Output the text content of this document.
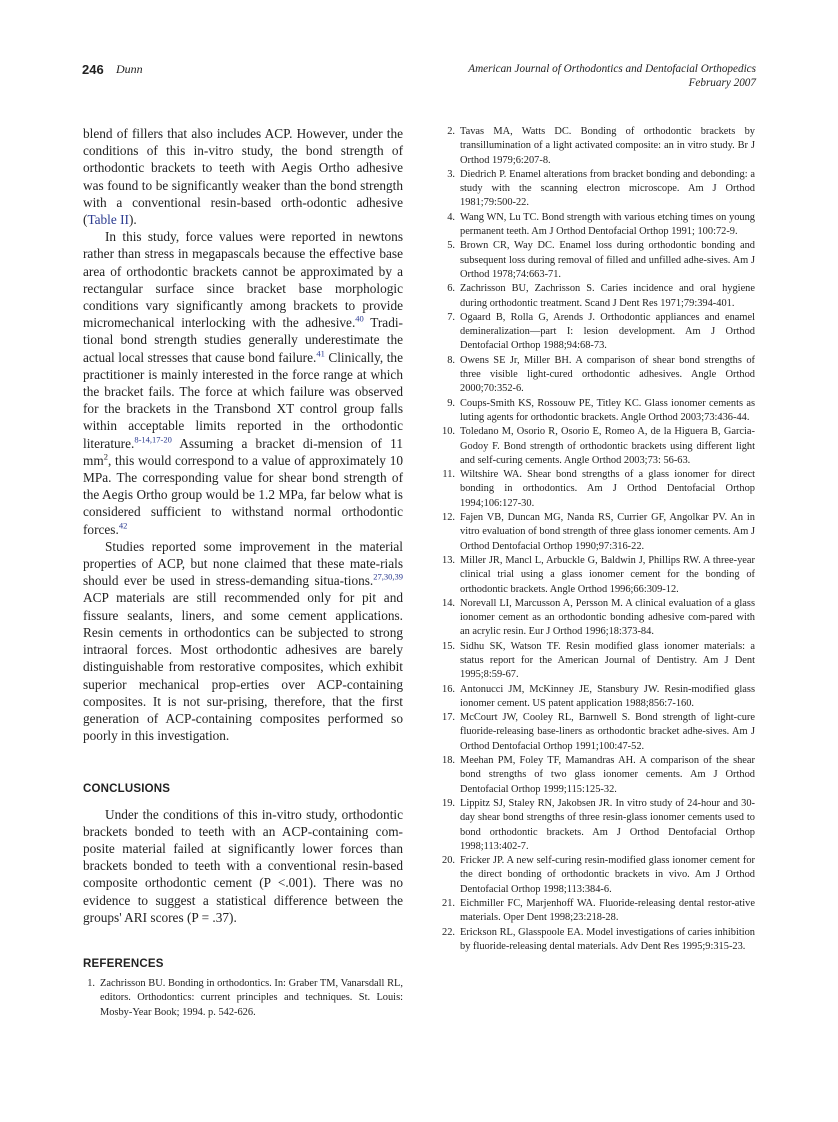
246 Dunn	American Journal of Orthodontics and Dentofacial Orthopedics
February 2007

blend of fillers that also includes ACP. However, under the conditions of this in-vitro study, the bond strength of orthodontic brackets to teeth with Aegis Ortho adhesive was found to be significantly weaker than the bond strength with a conventional resin-based orth-odontic adhesive (Table II).

In this study, force values were reported in newtons rather than stress in megapascals because the effective base area of orthodontic brackets cannot be approximated by a rectangular surface since bracket base morphologic conditions vary significantly among brackets to provide micromechanical interlocking with the adhesive.$^{40}$ Tradi-tional bond strength studies generally underestimate the actual local stresses that cause bond failure.$^{41}$ Clinically, the practitioner is mainly interested in the force range at which the bracket fails. The force at which failure was observed for the brackets in the Transbond XT control group falls within acceptable limits reported in the orthodontic literature.$^{8-14,17-20}$ Assuming a bracket di-mension of 11 $mm^2$, this would correspond to a value of approximately 10 MPa. The corresponding value for shear bond strength of the Aegis Ortho group would be 1.2 MPa, far below what is considered sufficient to withstand normal orthodontic forces.$^{42}$

Studies reported some improvement in the material properties of ACP, but none claimed that these mate-rials should ever be used in stress-demanding situa-tions.$^{27,30,39}$ ACP materials are still recommended only for pit and fissure sealants, liners, and some cement applications. Resin cements in orthodontics can be subjected to strong intraoral forces. Most orthodontic adhesives are barely distinguishable from restorative composites, which exhibit superior mechanical prop-erties over ACP-containing composites. It is not sur-prising, therefore, that the first generation of ACP-containing composites performed so poorly in this investigation.

CONCLUSIONS

Under the conditions of this in-vitro study, orthodontic brackets bonded to teeth with an ACP-containing com-posite material failed at significantly lower forces than brackets bonded to teeth with a conventional resin-based composite orthodontic cement (P <.001). There was no evidence to suggest a statistical difference between the groups' ARI scores (P = .37).

REFERENCES
1. Zachrisson BU. Bonding in orthodontics. In: Graber TM, Vanarsdall RL, editors. Orthodontics: current principles and techniques. St. Louis: Mosby-Year Book; 1994. p. 542-626.
2. Tavas MA, Watts DC. Bonding of orthodontic brackets by transillumination of a light activated composite: an in vitro study. Br J Orthod 1979;6:207-8.
3. Diedrich P. Enamel alterations from bracket bonding and debonding: a study with the scanning electron microscope. Am J Orthod 1981;79:500-22.
4. Wang WN, Lu TC. Bond strength with various etching times on young permanent teeth. Am J Orthod Dentofacial Orthop 1991; 100:72-9.
5. Brown CR, Way DC. Enamel loss during orthodontic bonding and subsequent loss during removal of filled and unfilled adhe-sives. Am J Orthod 1978;74:663-71.
6. Zachrisson BU, Zachrisson S. Caries incidence and oral hygiene during orthodontic treatment. Scand J Dent Res 1971;79:394-401.
7. Ogaard B, Rolla G, Arends J. Orthodontic appliances and enamel demineralization—part I: lesion development. Am J Orthod Dentofacial Orthop 1988;94:68-73.
8. Owens SE Jr, Miller BH. A comparison of shear bond strengths of three visible light-cured orthodontic adhesives. Angle Orthod 2000;70:352-6.
9. Coups-Smith KS, Rossouw PE, Titley KC. Glass ionomer cements as luting agents for orthodontic brackets. Angle Orthod 2003;73:436-44.
10. Toledano M, Osorio R, Osorio E, Romeo A, de la Higuera B, Garcia-Godoy F. Bond strength of orthodontic brackets using different light and self-curing cements. Angle Orthod 2003;73: 56-63.
11. Wiltshire WA. Shear bond strengths of a glass ionomer for direct bonding in orthodontics. Am J Orthod Dentofacial Orthop 1994;106:127-30.
12. Fajen VB, Duncan MG, Nanda RS, Currier GF, Angolkar PV. An in vitro evaluation of bond strength of three glass ionomer cements. Am J Orthod Dentofacial Orthop 1990;97:316-22.
13. Miller JR, Mancl L, Arbuckle G, Baldwin J, Phillips RW. A three-year clinical trial using a glass ionomer cement for the bonding of orthodontic brackets. Angle Orthod 1996;66:309-12.
14. Norevall LI, Marcusson A, Persson M. A clinical evaluation of a glass ionomer cement as an orthodontic bonding adhesive com-pared with an acrylic resin. Eur J Orthod 1996;18:373-84.
15. Sidhu SK, Watson TF. Resin modified glass ionomer materials: a status report for the American Journal of Dentistry. Am J Dent 1995;8:59-67.
16. Antonucci JM, McKinney JE, Stansbury JW. Resin-modified glass ionomer cement. US patent application 1988;856:7-160.
17. McCourt JW, Cooley RL, Barnwell S. Bond strength of light-cure fluoride-releasing base-liners as orthodontic bracket adhe-sives. Am J Orthod Dentofacial Orthop 1991;100:47-52.
18. Meehan PM, Foley TF, Mamandras AH. A comparison of the shear bond strengths of two glass ionomer cements. Am J Orthod Dentofacial Orthop 1999;115:125-32.
19. Lippitz SJ, Staley RN, Jakobsen JR. In vitro study of 24-hour and 30-day shear bond strengths of three resin-glass ionomer cements used to bond orthodontic brackets. Am J Orthod Dentofacial Orthop 1998;113:402-7.
20. Fricker JP. A new self-curing resin-modified glass ionomer cement for the direct bonding of orthodontic brackets in vivo. Am J Orthod Dentofacial Orthop 1998;113:384-6.
21. Eichmiller FC, Marjenhoff WA. Fluoride-releasing dental restor-ative materials. Oper Dent 1998;23:218-28.
22. Erickson RL, Glasspoole EA. Model investigations of caries inhibition by fluoride-releasing dental materials. Adv Dent Res 1995;9:315-23.
